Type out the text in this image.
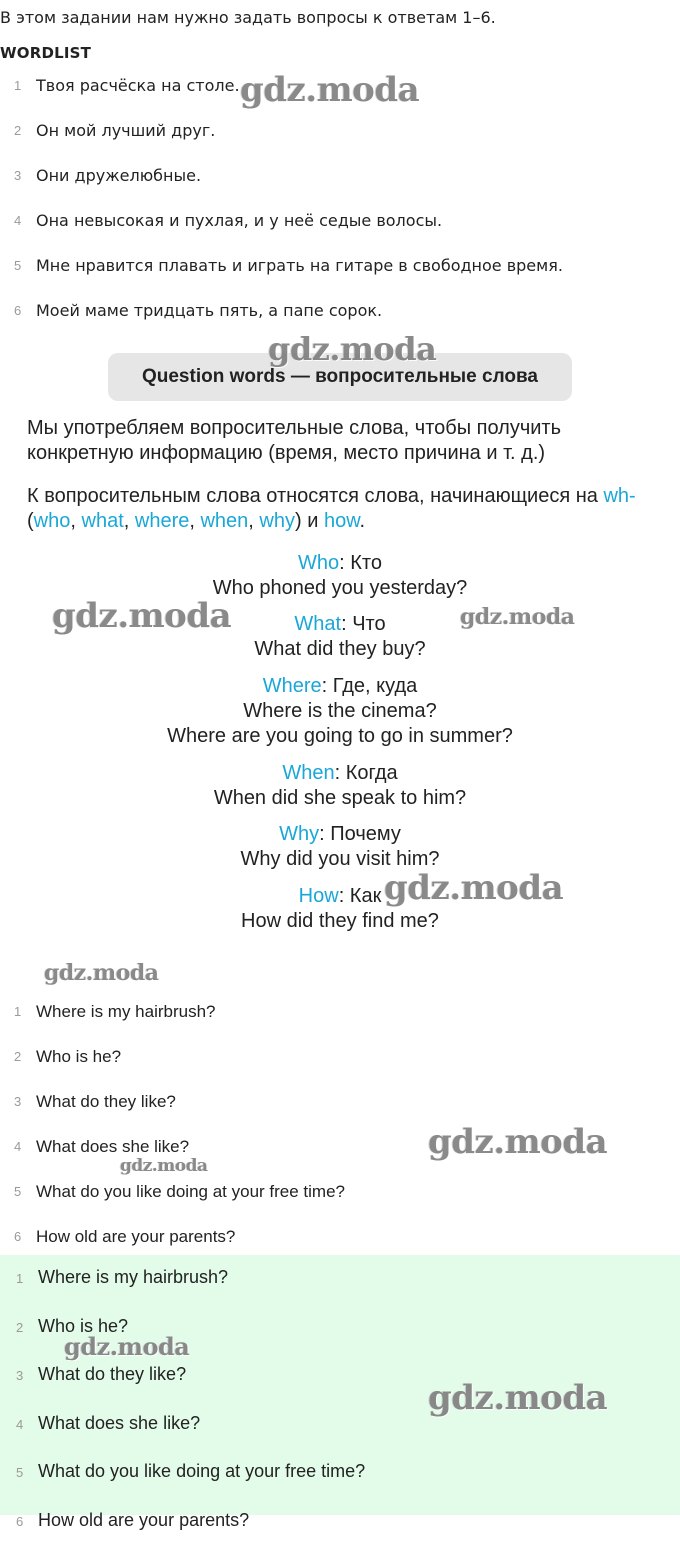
В этом задании нам нужно задать вопросы к ответам 1–6.
WORDLIST
1 Твоя расчёска на столе.
2 Он мой лучший друг.
3 Они дружелюбные.
4 Она невысокая и пухлая, и у неё седые волосы.
5 Мне нравится плавать и играть на гитаре в свободное время.
6 Моей маме тридцать пять, а папе сорок.
Question words — вопросительные слова
Мы употребляем вопросительные слова, чтобы получить конкретную информацию (время, место причина и т. д.)
К вопросительным слова относятся слова, начинающиеся на wh- (who, what, where, when, why) и how.
Who: Кто
Who phoned you yesterday?
What: Что
What did they buy?
Where: Где, куда
Where is the cinema?
Where are you going to go in summer?
When: Когда
When did she speak to him?
Why: Почему
Why did you visit him?
How: Как
How did they find me?
1 Where is my hairbrush?
2 Who is he?
3 What do they like?
4 What does she like?
5 What do you like doing at your free time?
6 How old are your parents?
1 Where is my hairbrush?
2 Who is he?
3 What do they like?
4 What does she like?
5 What do you like doing at your free time?
6 How old are your parents?
gdz.moda
gdz.moda
gdz.moda	gdz.moda
gdz.moda
gdz.moda
gdz.moda
gdz.moda
gdz.moda
gdz.moda
